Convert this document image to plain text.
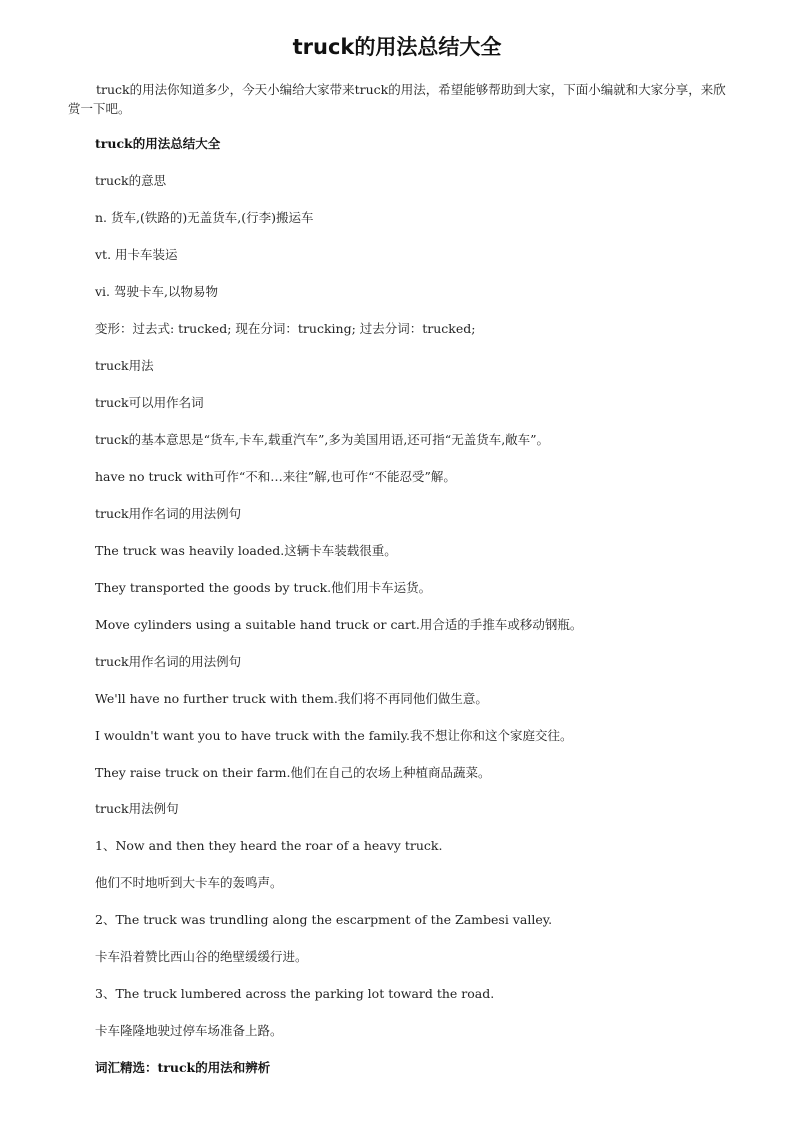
truck的用法总结大全

truck的用法你知道多少，今天小编给大家带来truck的用法，希望能够帮助到大家，下面小编就和大家分享，来欣赏一下吧。

truck的用法总结大全

truck的意思

n. 货车,(铁路的)无盖货车,(行李)搬运车

vt. 用卡车装运

vi. 驾驶卡车,以物易物

变形：过去式: trucked; 现在分词：trucking; 过去分词：trucked;

truck用法

truck可以用作名词

truck的基本意思是“货车,卡车,载重汽车”,多为美国用语,还可指“无盖货车,敞车”。

have no truck with可作“不和…来往”解,也可作“不能忍受”解。

truck用作名词的用法例句

The truck was heavily loaded.这辆卡车装载很重。

They transported the goods by truck.他们用卡车运货。

Move cylinders using a suitable hand truck or cart.用合适的手推车或移动钢瓶。

truck用作名词的用法例句

We'll have no further truck with them.我们将不再同他们做生意。

I wouldn't want you to have truck with the family.我不想让你和这个家庭交往。

They raise truck on their farm.他们在自己的农场上种植商品蔬菜。

truck用法例句

1、Now and then they heard the roar of a heavy truck.

他们不时地听到大卡车的轰鸣声。

2、The truck was trundling along the escarpment of the Zambesi valley.

卡车沿着赞比西山谷的绝壁缓缓行进。

3、The truck lumbered across the parking lot toward the road.

卡车隆隆地驶过停车场准备上路。

词汇精选：truck的用法和辨析
